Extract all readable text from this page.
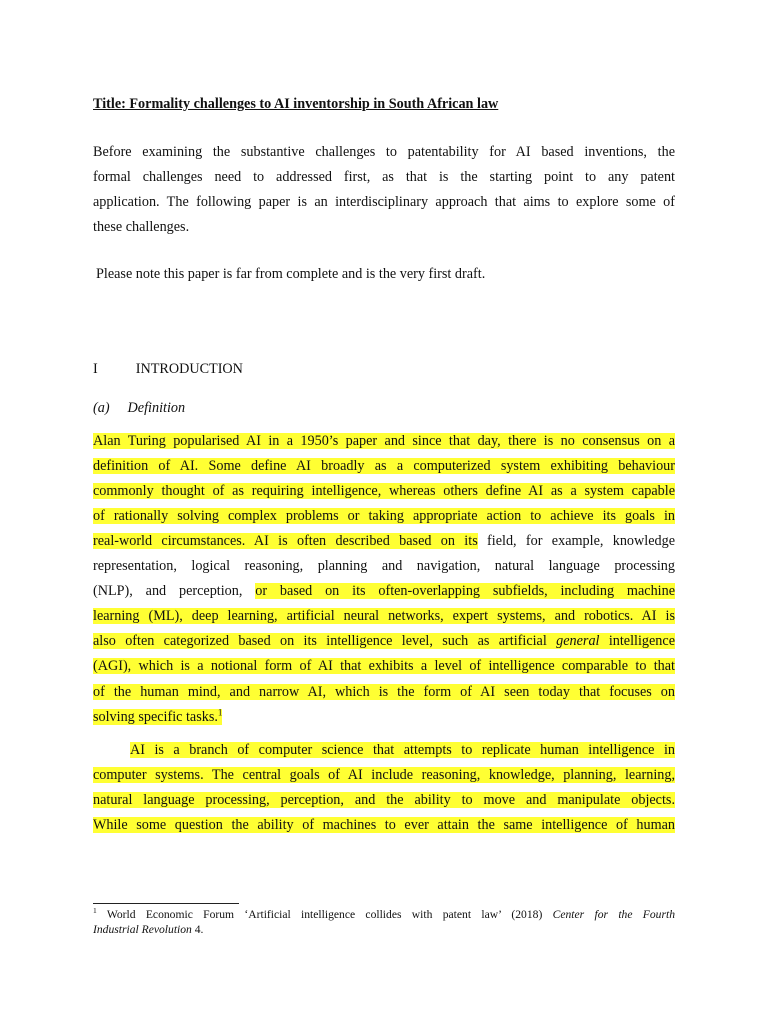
Title: Formality challenges to AI inventorship in South African law
Before examining the substantive challenges to patentability for AI based inventions, the
formal challenges need to addressed first, as that is the starting point to any patent
application. The following paper is an interdisciplinary approach that aims to explore some of
these challenges.
Please note this paper is far from complete and is the very first draft.
I	INTRODUCTION
(a) Definition
Alan Turing popularised AI in a 1950’s paper and since that day, there is no consensus on a
definition of AI. Some define AI broadly as a computerized system exhibiting behaviour
commonly thought of as requiring intelligence, whereas others define AI as a system capable
of rationally solving complex problems or taking appropriate action to achieve its goals in
real-world circumstances. AI is often described based on its field, for example, knowledge
representation, logical reasoning, planning and navigation, natural language processing
(NLP), and perception, or based on its often-overlapping subfields, including machine
learning (ML), deep learning, artificial neural networks, expert systems, and robotics. AI is
also often categorized based on its intelligence level, such as artificial general intelligence
(AGI), which is a notional form of AI that exhibits a level of intelligence comparable to that
of the human mind, and narrow AI, which is the form of AI seen today that focuses on
solving specific tasks.$^1$
AI is a branch of computer science that attempts to replicate human intelligence in
computer systems. The central goals of AI include reasoning, knowledge, planning, learning,
natural language processing, perception, and the ability to move and manipulate objects.
While some question the ability of machines to ever attain the same intelligence of human
$^1$ World Economic Forum ‘Artificial intelligence collides with patent law’ (2018) Center for the Fourth
Industrial Revolution 4.
